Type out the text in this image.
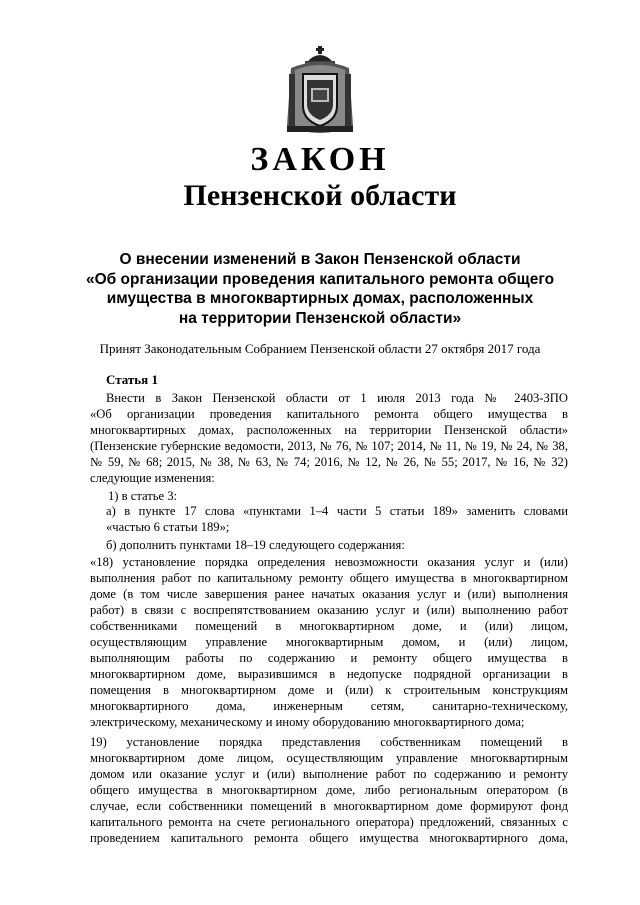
ЗАКОН
Пензенской области
О внесении изменений в Закон Пензенской области
«Об организации проведения капитального ремонта общего
имущества в многоквартирных домах, расположенных
на территории Пензенской области»
Принят Законодательным Собранием Пензенской области 27 октября 2017 года
Статья 1
Внести в Закон Пензенской области от 1 июля 2013 года № 2403-ЗПО
«Об организации проведения капитального ремонта общего имущества в
многоквартирных домах, расположенных на территории Пензенской области»
(Пензенские губернские ведомости, 2013, № 76, № 107; 2014, № 11, № 19, № 24, № 38,
№ 59, № 68; 2015, № 38, № 63, № 74; 2016, № 12, № 26, № 55; 2017, № 16, № 32)
следующие изменения:
1) в статье 3:
а) в пункте 17 слова «пунктами 1–4 части 5 статьи 189» заменить словами
«частью 6 статьи 189»;
б) дополнить пунктами 18–19 следующего содержания:
«18) установление порядка определения невозможности оказания услуг и (или)
выполнения работ по капитальному ремонту общего имущества в многоквартирном
доме (в том числе завершения ранее начатых оказания услуг и (или) выполнения
работ) в связи с воспрепятствованием оказанию услуг и (или) выполнению работ
собственниками помещений в многоквартирном доме, и (или) лицом,
осуществляющим управление многоквартирным домом, и (или) лицом,
выполняющим работы по содержанию и ремонту общего имущества в
многоквартирном доме, выразившимся в недопуске подрядной организации в
помещения в многоквартирном доме и (или) к строительным конструкциям
многоквартирного дома, инженерным сетям, санитарно-техническому,
электрическому, механическому и иному оборудованию многоквартирного дома;
19) установление порядка представления собственникам помещений в
многоквартирном доме лицом, осуществляющим управление многоквартирным
домом или оказание услуг и (или) выполнение работ по содержанию и ремонту
общего имущества в многоквартирном доме, либо региональным оператором (в
случае, если собственники помещений в многоквартирном доме формируют фонд
капитального ремонта на счете регионального оператора) предложений, связанных с
проведением капитального ремонта общего имущества многоквартирного дома,
